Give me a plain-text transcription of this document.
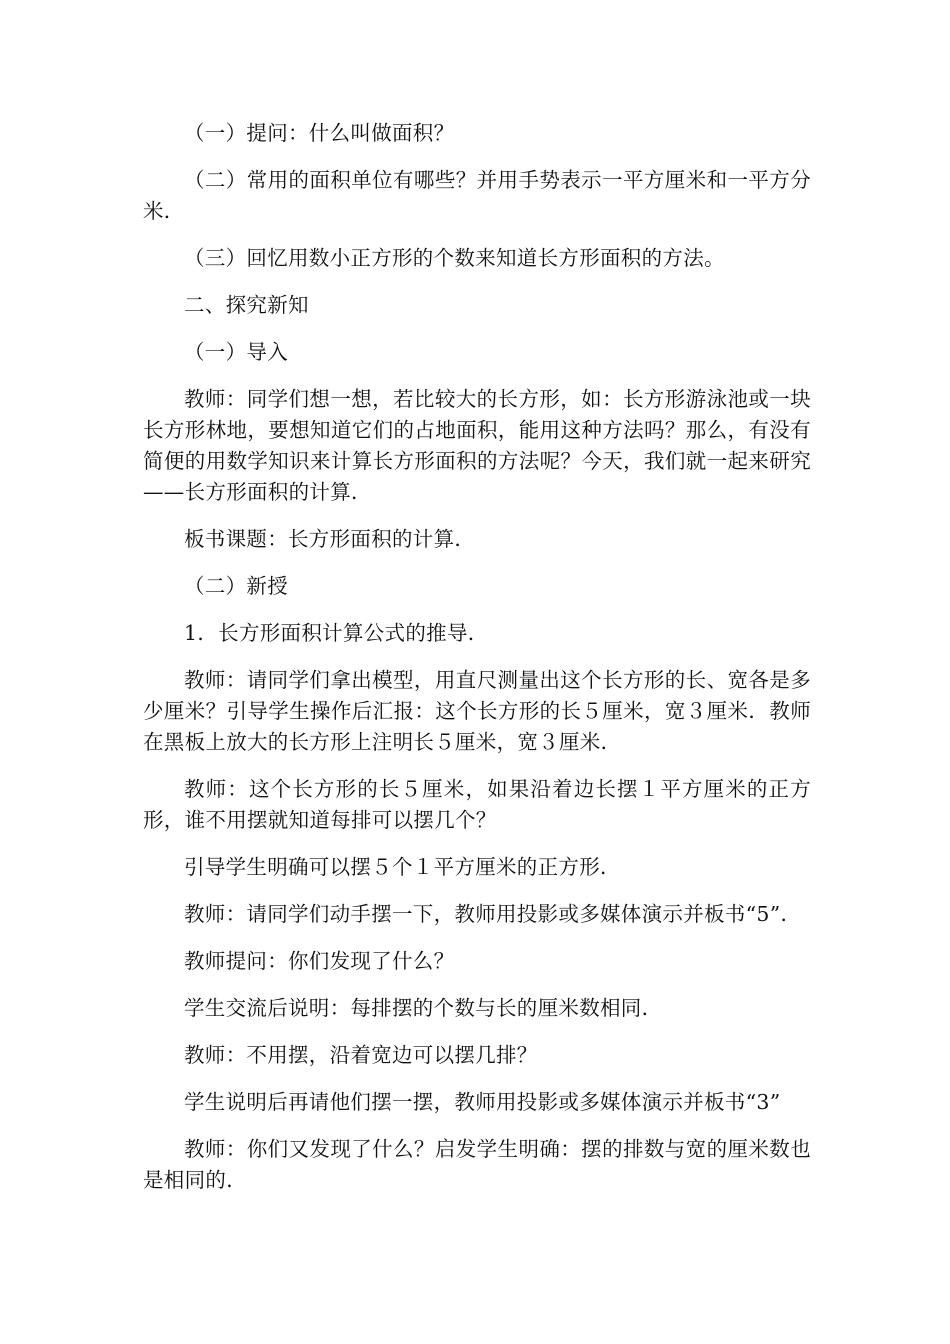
（一）提问：什么叫做面积？

（二）常用的面积单位有哪些？并用手势表示一平方厘米和一平方分米．

（三）回忆用数小正方形的个数来知道长方形面积的方法。

二、探究新知

（一）导入

教师：同学们想一想，若比较大的长方形，如：长方形游泳池或一块长方形林地，要想知道它们的占地面积，能用这种方法吗？那么，有没有简便的用数学知识来计算长方形面积的方法呢？今天，我们就一起来研究——长方形面积的计算．

板书课题：长方形面积的计算．

（二）新授

1．长方形面积计算公式的推导．

教师：请同学们拿出模型，用直尺测量出这个长方形的长、宽各是多少厘米？引导学生操作后汇报：这个长方形的长５厘米，宽３厘米．教师在黑板上放大的长方形上注明长５厘米，宽３厘米．

教师：这个长方形的长５厘米，如果沿着边长摆１平方厘米的正方形，谁不用摆就知道每排可以摆几个？

引导学生明确可以摆５个１平方厘米的正方形．

教师：请同学们动手摆一下，教师用投影或多媒体演示并板书“5”．

教师提问：你们发现了什么？

学生交流后说明：每排摆的个数与长的厘米数相同．

教师：不用摆，沿着宽边可以摆几排？

学生说明后再请他们摆一摆，教师用投影或多媒体演示并板书“3”

教师：你们又发现了什么？启发学生明确：摆的排数与宽的厘米数也是相同的．
